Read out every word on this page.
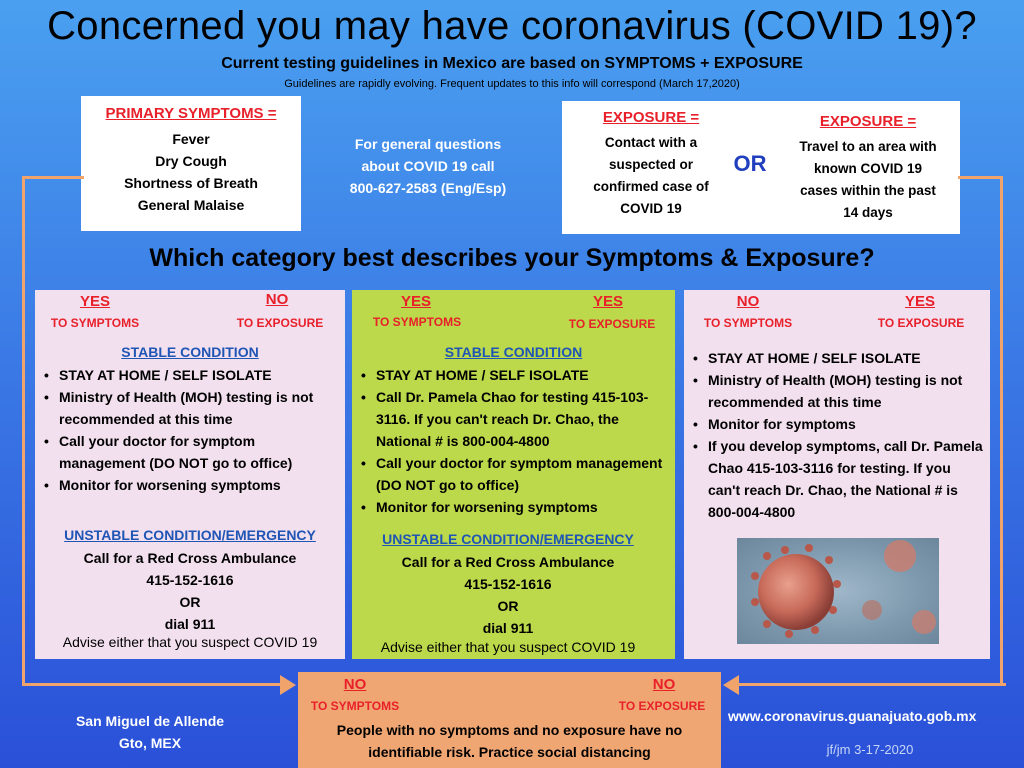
Concerned you may have coronavirus (COVID 19)?
Current testing guidelines in Mexico are based on SYMPTOMS + EXPOSURE
Guidelines are rapidly evolving. Frequent updates to this info will correspond (March 17,2020)
PRIMARY SYMPTOMS =
Fever
Dry Cough
Shortness of Breath
General Malaise
For general questions
about COVID 19 call
800-627-2583 (Eng/Esp)
EXPOSURE =
Contact with a
suspected or
confirmed case of
COVID 19
OR
EXPOSURE =
Travel to an area with
known COVID 19
cases within the past
14 days
Which category best describes your Symptoms & Exposure?
YES
TO SYMPTOMS
NO
TO EXPOSURE
STABLE CONDITION
• STAY AT HOME / SELF ISOLATE
• Ministry of Health (MOH) testing is not recommended at this time
• Call your doctor for symptom management (DO NOT go to office)
• Monitor for worsening symptoms
UNSTABLE CONDITION/EMERGENCY
Call for a Red Cross Ambulance
415-152-1616
OR
dial 911
Advise either that you suspect COVID 19
YES
TO SYMPTOMS
YES
TO EXPOSURE
STABLE CONDITION
• STAY AT HOME / SELF ISOLATE
• Call Dr. Pamela Chao for testing 415-103-3116. If you can't reach Dr. Chao, the National # is 800-004-4800
• Call your doctor for symptom management (DO NOT go to office)
• Monitor for worsening symptoms
UNSTABLE CONDITION/EMERGENCY
Call for a Red Cross Ambulance
415-152-1616
OR
dial 911
Advise either that you suspect COVID 19
NO
TO SYMPTOMS
YES
TO EXPOSURE
• STAY AT HOME / SELF ISOLATE
• Ministry of Health (MOH) testing is not recommended at this time
• Monitor for symptoms
• If you develop symptoms, call Dr. Pamela Chao 415-103-3116 for testing. If you can't reach Dr. Chao, the National # is 800-004-4800
NO
TO SYMPTOMS
NO
TO EXPOSURE
People with no symptoms and no exposure have no
identifiable risk. Practice social distancing
San Miguel de Allende
Gto, MEX
www.coronavirus.guanajuato.gob.mx
jf/jm 3-17-2020
